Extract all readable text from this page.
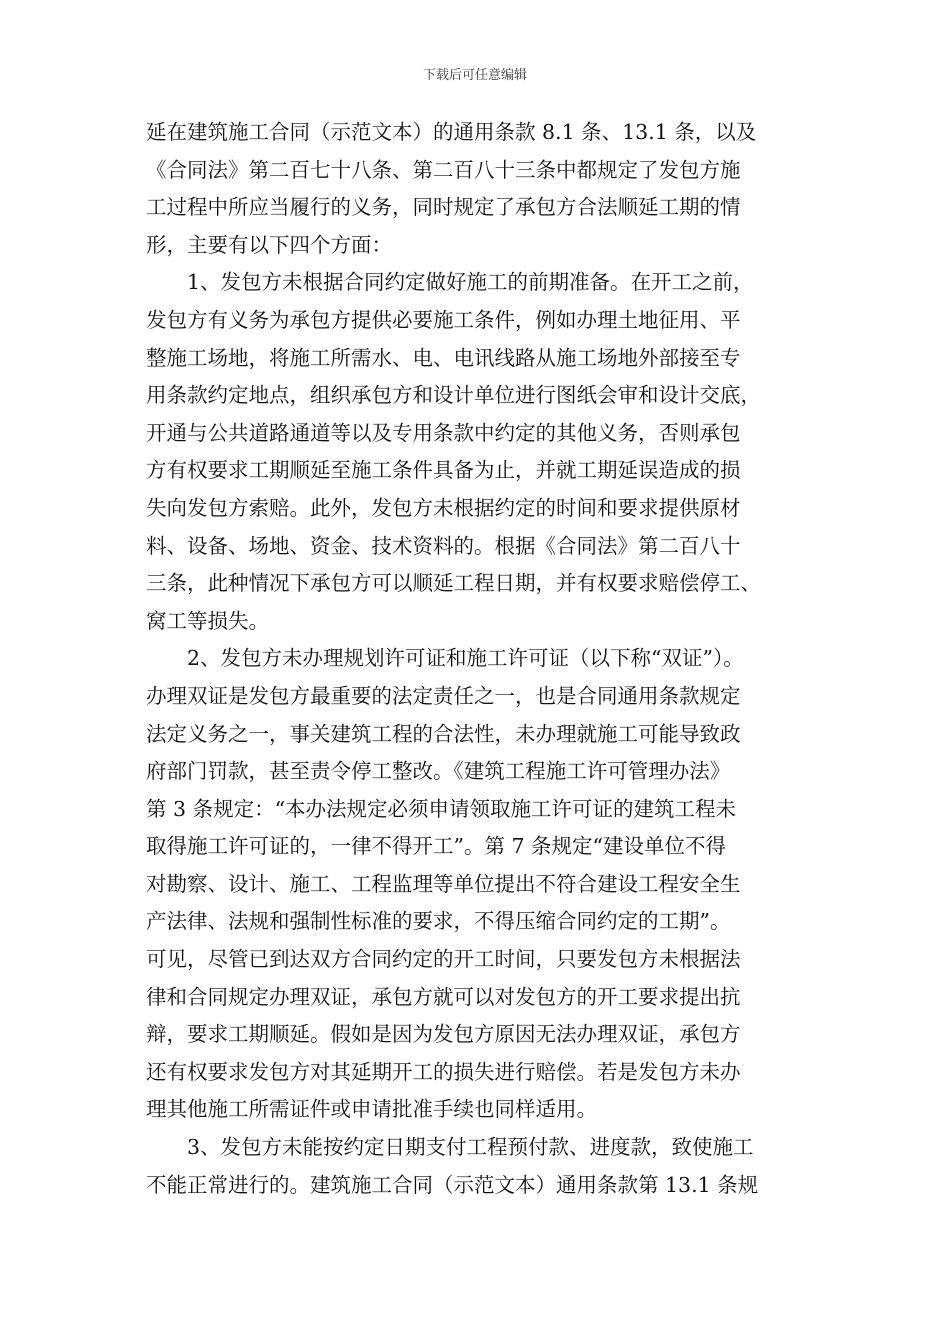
下载后可任意编辑
延在建筑施工合同（示范文本）的通用条款 8.1 条、13.1 条，以及
《合同法》第二百七十八条、第二百八十三条中都规定了发包方施
工过程中所应当履行的义务，同时规定了承包方合法顺延工期的情
形，主要有以下四个方面：
1、发包方未根据合同约定做好施工的前期准备。在开工之前，
发包方有义务为承包方提供必要施工条件，例如办理土地征用、平
整施工场地，将施工所需水、电、电讯线路从施工场地外部接至专
用条款约定地点，组织承包方和设计单位进行图纸会审和设计交底，
开通与公共道路通道等以及专用条款中约定的其他义务，否则承包
方有权要求工期顺延至施工条件具备为止，并就工期延误造成的损
失向发包方索赔。此外，发包方未根据约定的时间和要求提供原材
料、设备、场地、资金、技术资料的。根据《合同法》第二百八十
三条，此种情况下承包方可以顺延工程日期，并有权要求赔偿停工、
窝工等损失。
2、发包方未办理规划许可证和施工许可证（以下称“双证”）。
办理双证是发包方最重要的法定责任之一，也是合同通用条款规定
法定义务之一，事关建筑工程的合法性，未办理就施工可能导致政
府部门罚款，甚至责令停工整改。《建筑工程施工许可管理办法》
第 3 条规定：“本办法规定必须申请领取施工许可证的建筑工程未
取得施工许可证的，一律不得开工”。第 7 条规定“建设单位不得
对勘察、设计、施工、工程监理等单位提出不符合建设工程安全生
产法律、法规和强制性标准的要求，不得压缩合同约定的工期”。
可见，尽管已到达双方合同约定的开工时间，只要发包方未根据法
律和合同规定办理双证，承包方就可以对发包方的开工要求提出抗
辩，要求工期顺延。假如是因为发包方原因无法办理双证，承包方
还有权要求发包方对其延期开工的损失进行赔偿。若是发包方未办
理其他施工所需证件或申请批准手续也同样适用。
3、发包方未能按约定日期支付工程预付款、进度款，致使施工
不能正常进行的。建筑施工合同（示范文本）通用条款第 13.1 条规
